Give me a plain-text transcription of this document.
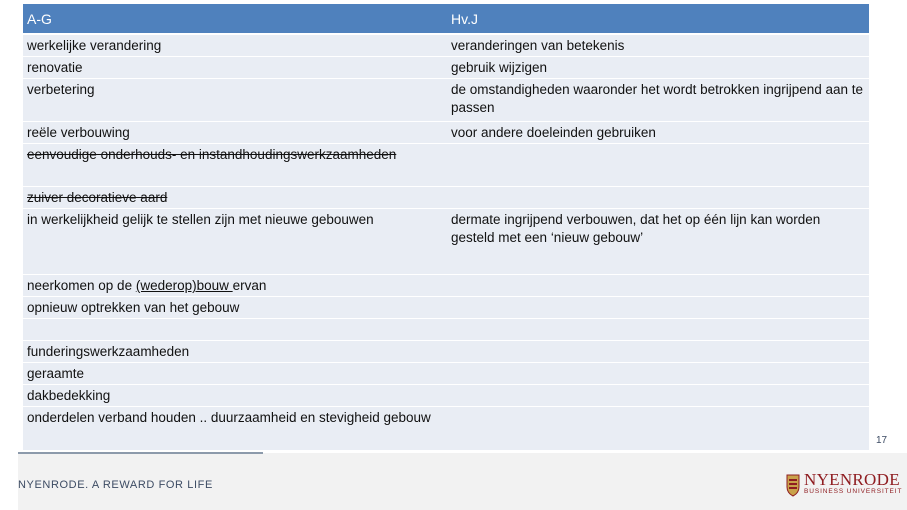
A-G	Hv.J
werkelijke verandering	veranderingen van betekenis
renovatie	gebruik wijzigen
verbetering	de omstandigheden waaronder het wordt betrokken ingrijpend aan te passen
reële verbouwing	voor andere doeleinden gebruiken
eenvoudige onderhouds- en instandhoudingswerkzaamheden	
zuiver decoratieve aard	
in werkelijkheid gelijk te stellen zijn met nieuwe gebouwen	dermate ingrijpend verbouwen, dat het op één lijn kan worden gesteld met een ‘nieuw gebouw’
neerkomen op de (wederop)bouw ervan	
opnieuw optrekken van het gebouw	

funderingswerkzaamheden	
geraamte	
dakbedekking	
onderdelen verband houden .. duurzaamheid en stevigheid gebouw	
NYENRODE. A REWARD FOR LIFE
17
NYENRODE
BUSINESS UNIVERSITEIT
